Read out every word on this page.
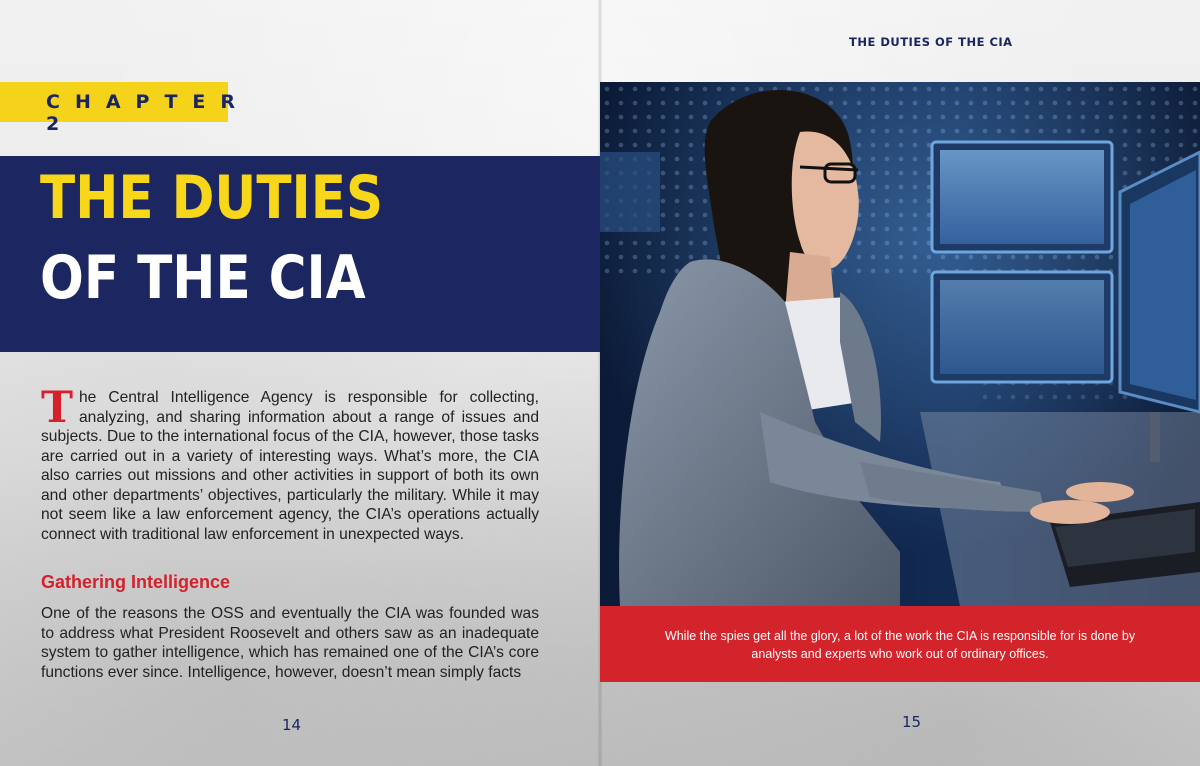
CHAPTER 2
THE DUTIES
OF THE CIA

The Central Intelligence Agency is responsible for collecting, analyzing, and sharing information about a range of issues and subjects. Due to the international focus of the CIA, however, those tasks are carried out in a variety of interesting ways. What’s more, the CIA also carries out missions and other activities in support of both its own and other departments’ objectives, particularly the military. While it may not seem like a law enforcement agency, the CIA’s operations actually connect with traditional law enforcement in unexpected ways.

Gathering Intelligence

One of the reasons the OSS and eventually the CIA was founded was to address what President Roosevelt and others saw as an inadequate system to gather intelligence, which has remained one of the CIA’s core functions ever since. Intelligence, however, doesn’t mean simply facts

14
THE DUTIES OF THE CIA

While the spies get all the glory, a lot of the work the CIA is responsible for is done by analysts and experts who work out of ordinary offices.

15
